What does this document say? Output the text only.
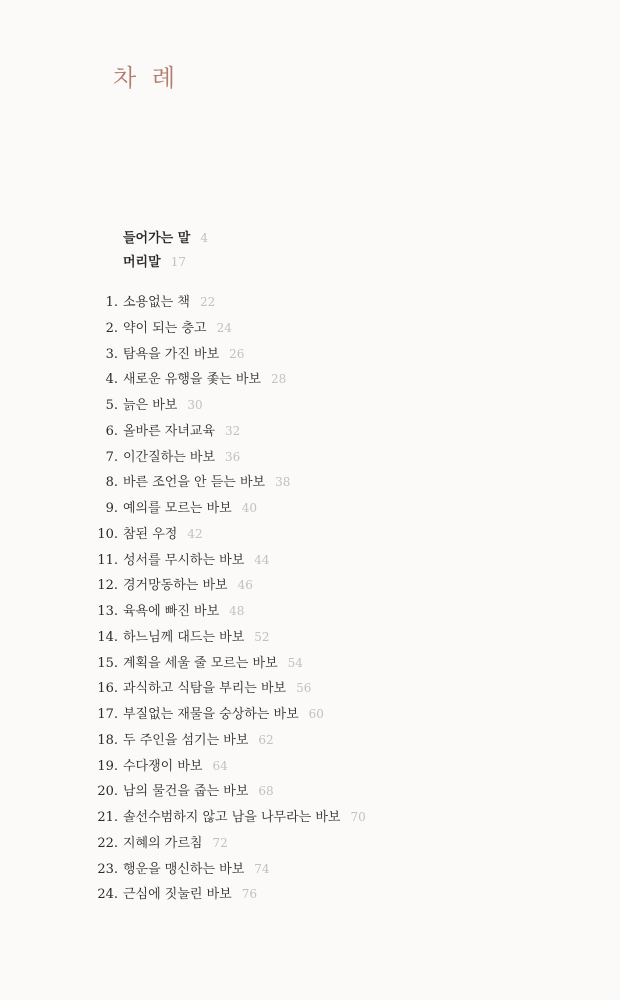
차 례
들어가는 말 4
머리말 17
1. 소용없는 책 22
2. 약이 되는 충고 24
3. 탐욕을 가진 바보 26
4. 새로운 유행을 좇는 바보 28
5. 늙은 바보 30
6. 올바른 자녀교육 32
7. 이간질하는 바보 36
8. 바른 조언을 안 듣는 바보 38
9. 예의를 모르는 바보 40
10. 참된 우정 42
11. 성서를 무시하는 바보 44
12. 경거망동하는 바보 46
13. 육욕에 빠진 바보 48
14. 하느님께 대드는 바보 52
15. 계획을 세울 줄 모르는 바보 54
16. 과식하고 식탐을 부리는 바보 56
17. 부질없는 재물을 숭상하는 바보 60
18. 두 주인을 섬기는 바보 62
19. 수다쟁이 바보 64
20. 남의 물건을 줍는 바보 68
21. 솔선수범하지 않고 남을 나무라는 바보 70
22. 지혜의 가르침 72
23. 행운을 맹신하는 바보 74
24. 근심에 짓눌린 바보 76
